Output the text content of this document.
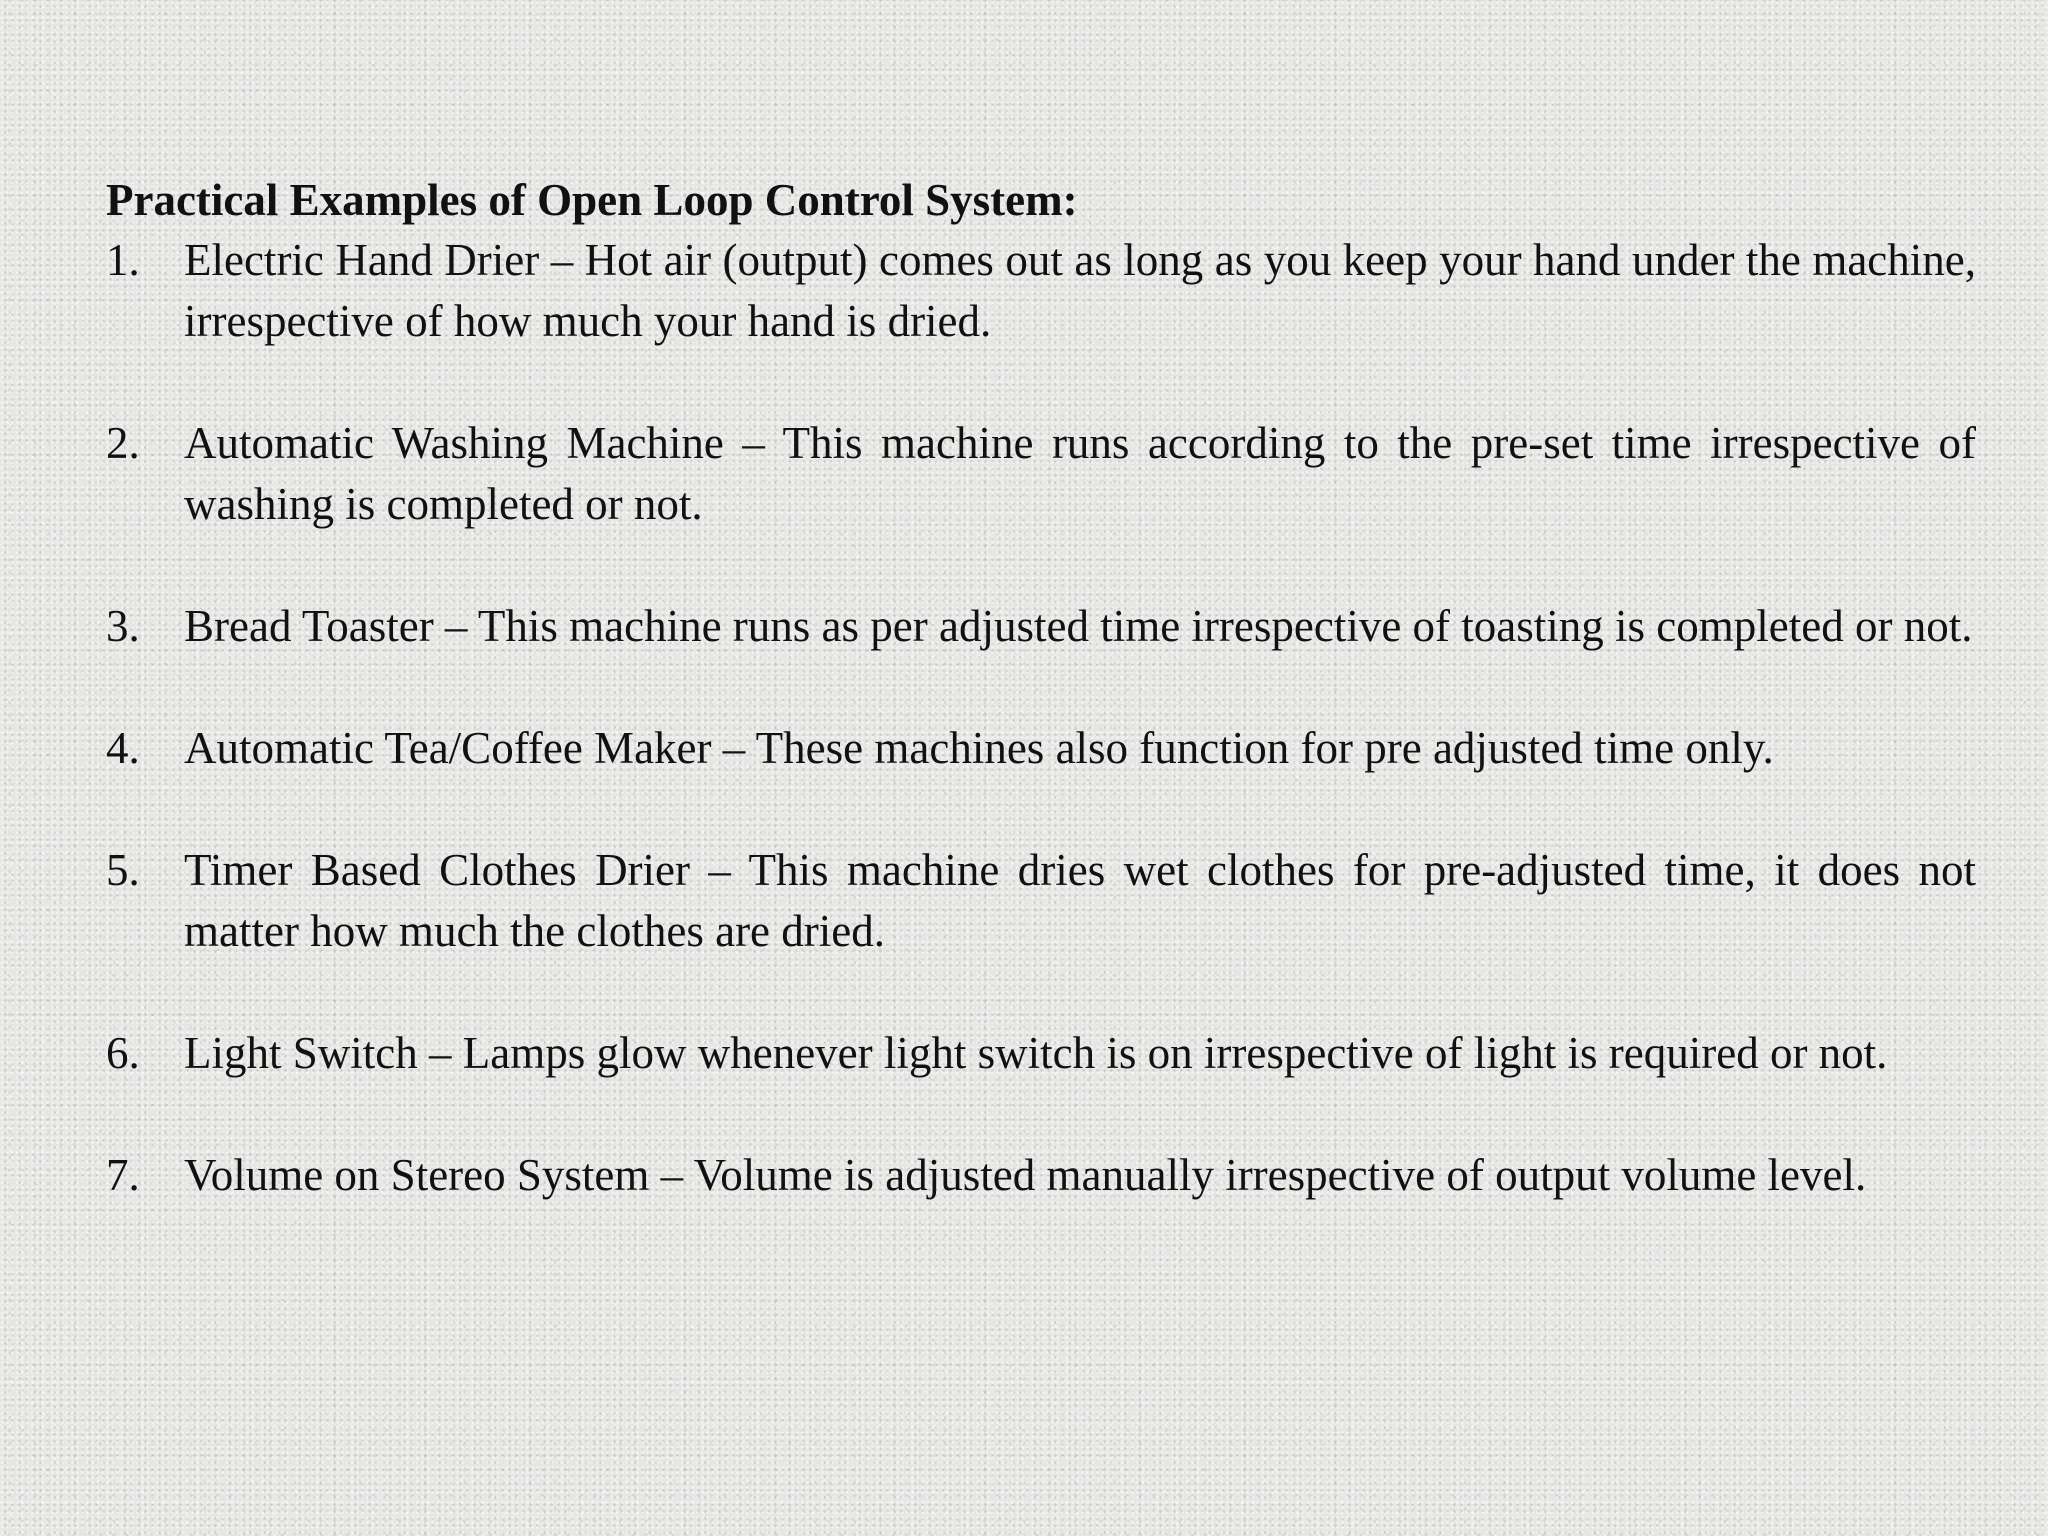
Practical Examples of Open Loop Control System:
1. Electric Hand Drier – Hot air (output) comes out as long as you keep your hand under the machine, irrespective of how much your hand is dried.
2. Automatic Washing Machine – This machine runs according to the pre-set time irrespective of washing is completed or not.
3. Bread Toaster – This machine runs as per adjusted time irrespective of toasting is completed or not.
4. Automatic Tea/Coffee Maker – These machines also function for pre adjusted time only.
5. Timer Based Clothes Drier – This machine dries wet clothes for pre-adjusted time, it does not matter how much the clothes are dried.
6. Light Switch – Lamps glow whenever light switch is on irrespective of light is required or not.
7. Volume on Stereo System – Volume is adjusted manually irrespective of output volume level.
